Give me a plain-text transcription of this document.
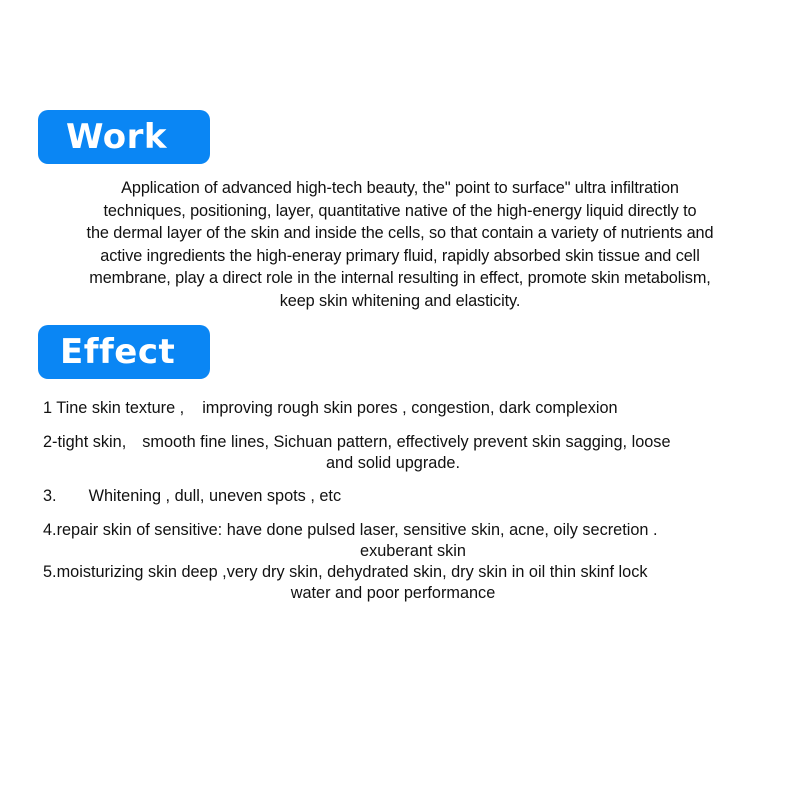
Work
Application of advanced high-tech beauty, the" point to surface" ultra infiltration
techniques, positioning, layer, quantitative native of the high-energy liquid directly to
the dermal layer of the skin and inside the cells, so that contain a variety of nutrients and
active ingredients the high-eneray primary fluid, rapidly absorbed skin tissue and cell
membrane, play a direct role in the internal resulting in effect, promote skin metabolism,
keep skin whitening and elasticity.
Effect
1 Tine skin texture , improving rough skin pores , congestion, dark complexion
2-tight skin, smooth fine lines, Sichuan pattern, effectively prevent skin sagging, loose
and solid upgrade.
3. Whitening , dull, uneven spots , etc
4.repair skin of sensitive: have done pulsed laser, sensitive skin, acne, oily secretion .
exuberant skin
5.moisturizing skin deep ,very dry skin, dehydrated skin, dry skin in oil thin skinf lock
water and poor performance
